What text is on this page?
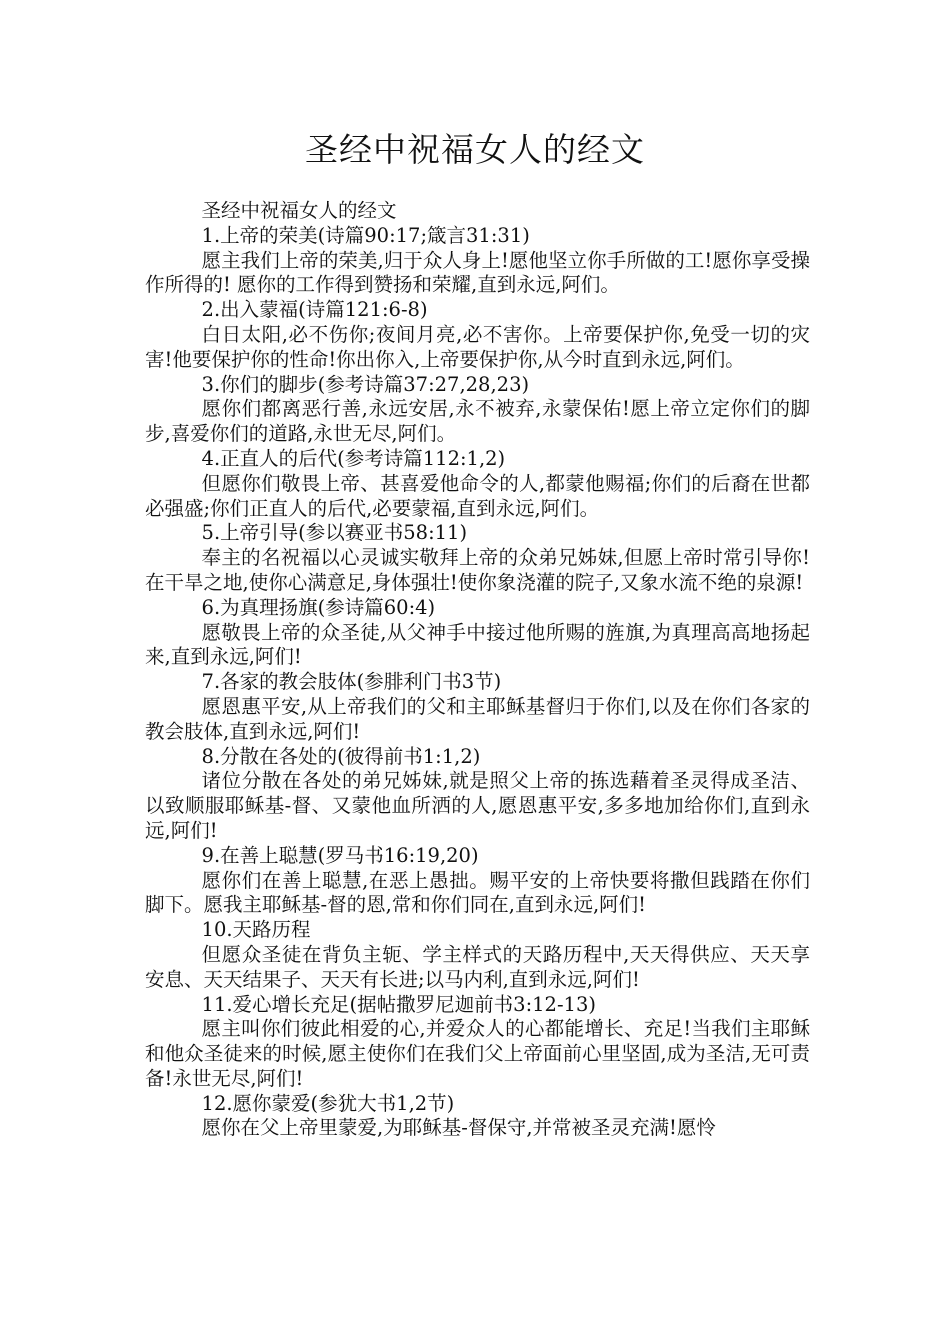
圣经中祝福女人的经文

圣经中祝福女人的经文

1.上帝的荣美(诗篇90:17;箴言31:31)

愿主我们上帝的荣美,归于众人身上!愿他坚立你手所做的工!愿你享受操作所得的! 愿你的工作得到赞扬和荣耀,直到永远,阿们。

2.出入蒙福(诗篇121:6-8)

白日太阳,必不伤你;夜间月亮,必不害你。上帝要保护你,免受一切的灾害!他要保护你的性命!你出你入,上帝要保护你,从今时直到永远,阿们。

3.你们的脚步(参考诗篇37:27,28,23)

愿你们都离恶行善,永远安居,永不被弃,永蒙保佑!愿上帝立定你们的脚步,喜爱你们的道路,永世无尽,阿们。

4.正直人的后代(参考诗篇112:1,2)

但愿你们敬畏上帝、甚喜爱他命令的人,都蒙他赐福;你们的后裔在世都必强盛;你们正直人的后代,必要蒙福,直到永远,阿们。

5.上帝引导(参以赛亚书58:11)

奉主的名祝福以心灵诚实敬拜上帝的众弟兄姊妹,但愿上帝时常引导你!在干旱之地,使你心满意足,身体强壮!使你象浇灌的院子,又象水流不绝的泉源!

6.为真理扬旗(参诗篇60:4)

愿敬畏上帝的众圣徒,从父神手中接过他所赐的旌旗,为真理高高地扬起来,直到永远,阿们!

7.各家的教会肢体(参腓利门书3节)

愿恩惠平安,从上帝我们的父和主耶稣基督归于你们,以及在你们各家的教会肢体,直到永远,阿们!

8.分散在各处的(彼得前书1:1,2)

诸位分散在各处的弟兄姊妹,就是照父上帝的拣选藉着圣灵得成圣洁、以致顺服耶稣基-督、又蒙他血所洒的人,愿恩惠平安,多多地加给你们,直到永远,阿们!

9.在善上聪慧(罗马书16:19,20)

愿你们在善上聪慧,在恶上愚拙。赐平安的上帝快要将撒但践踏在你们脚下。愿我主耶稣基-督的恩,常和你们同在,直到永远,阿们!

10.天路历程

但愿众圣徒在背负主轭、学主样式的天路历程中,天天得供应、天天享安息、天天结果子、天天有长进;以马内利,直到永远,阿们!

11.爱心增长充足(据帖撒罗尼迦前书3:12-13)

愿主叫你们彼此相爱的心,并爱众人的心都能增长、充足!当我们主耶稣和他众圣徒来的时候,愿主使你们在我们父上帝面前心里坚固,成为圣洁,无可责备!永世无尽,阿们!

12.愿你蒙爱(参犹大书1,2节)

愿你在父上帝里蒙爱,为耶稣基-督保守,并常被圣灵充满!愿怜
